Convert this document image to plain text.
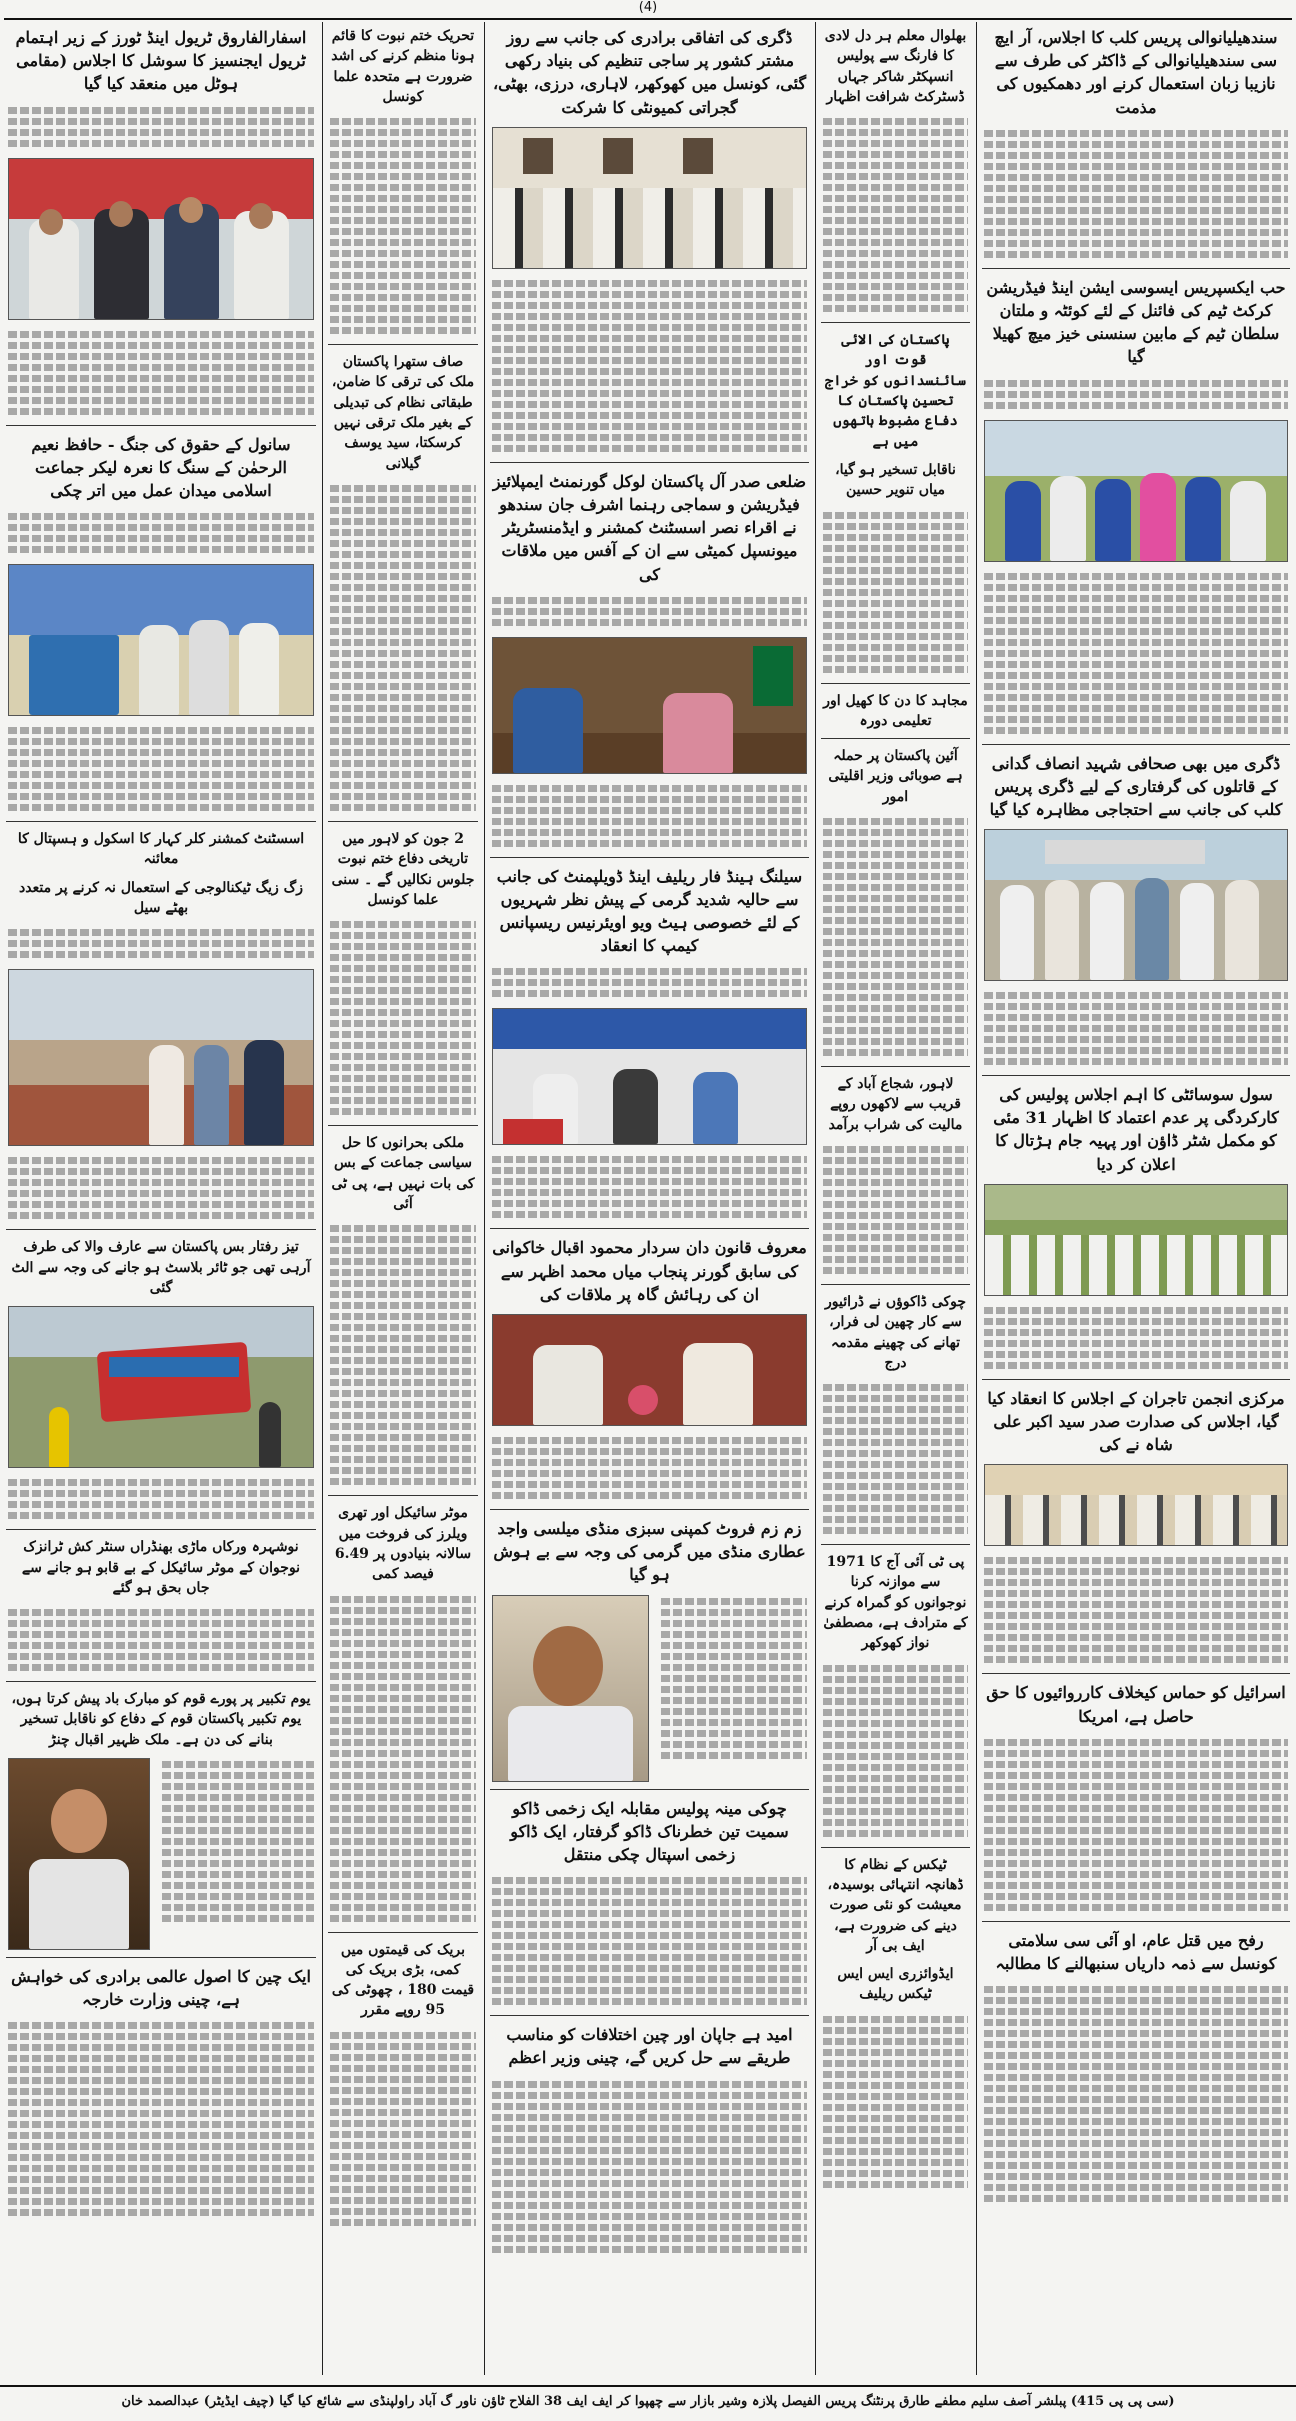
(4)
اسفارالفاروق ٹریول اینڈ ٹورز کے زیر اہتمام ٹریول ایجنسیز کا سوشل کا اجلاس (مقامی ہوٹل میں منعقد کیا گیا
سانول کے حقوق کی جنگ - حافظ نعیم الرحمٰن کے سنگ کا نعرہ لیکر جماعت اسلامی میدان عمل میں اتر چکی
اسسٹنٹ کمشنر کلر کہار کا اسکول و ہسپتال کا معائنہ
زگ زیگ ٹیکنالوجی کے استعمال نہ کرنے پر متعدد بھٹے سیل
تیز رفتار بس پاکستان سے عارف والا کی طرف آرہی تھی جو ٹائر بلاسٹ ہو جانے کی وجہ سے الٹ گئی
نوشہرہ ورکاں ماڑی بھنڈراں سنٹر کش ٹرانزک نوجوان کے موٹر سائیکل کے بے قابو ہو جانے سے جاں بحق ہو گئے
یوم تکبیر پر پورے قوم کو مبارک باد پیش کرتا ہوں، یوم تکبیر پاکستان قوم کے دفاع کو ناقابل تسخیر بنانے کی دن ہے۔ ملک ظہیر اقبال چنڑ
ایک چین کا اصول عالمی برادری کی خواہش ہے، چینی وزارت خارجہ
تحریک ختم نبوت کا قائم ہونا منظم کرنے کی اشد ضرورت ہے متحدہ علما کونسل
صاف ستھرا پاکستان ملک کی ترقی کا ضامن، طبقاتی نظام کی تبدیلی کے بغیر ملک ترقی نہیں کرسکتا، سید یوسف گیلانی
2 جون کو لاہور میں تاریخی دفاع ختم نبوت جلوس نکالیں گے ۔ سنی علما کونسل
ملکی بحرانوں کا حل سیاسی جماعت کے بس کی بات نہیں ہے، پی ٹی آئی
موٹر سائیکل اور تھری ویلرز کی فروخت میں سالانہ بنیادوں پر 6.49 فیصد کمی
بریک کی قیمتوں میں کمی، بڑی بریک کی قیمت 180 ، چھوٹی کی 95 روپے مقرر
ڈگری کی اتفاقی برادری کی جانب سے روز مشتر کشور پر ساجی تنظیم کی بنیاد رکھی گئی، کونسل میں کھوکھر، لاہاری، درزی، بھٹی، گجراتی کمیونٹی کا شرکت
ضلعی صدر آل پاکستان لوکل گورنمنٹ ایمپلائیز فیڈریشن و سماجی رہنما اشرف جان سندھو نے اقراء نصر اسسٹنٹ کمشنر و ایڈمنسٹریٹر میونسپل کمیٹی سے ان کے آفس میں ملاقات کی
سیلنگ ہینڈ فار ریلیف اینڈ ڈویلپمنٹ کی جانب سے حالیہ شدید گرمی کے پیش نظر شہریوں کے لئے خصوصی ہیٹ ویو اویئرنیس ریسپانس کیمپ کا انعقاد
معروف قانون دان سردار محمود اقبال خاکوانی کی سابق گورنر پنجاب میاں محمد اظہر سے ان کی رہائش گاہ پر ملاقات کی
زم زم فروٹ کمپنی سبزی منڈی میلسی واجد عطاری منڈی میں گرمی کی وجہ سے بے ہوش ہو گیا
چوکی مینہ پولیس مقابلہ ایک زخمی ڈاکو سمیت تین خطرناک ڈاکو گرفتار، ایک ڈاکو زخمی اسپتال چکی منتقل
امید ہے جاپان اور چین اختلافات کو مناسب طریقے سے حل کریں گے، چینی وزیر اعظم
بھلوال معلم ہر دل لادی کا فارنگ سے پولیس انسپکٹر شاکر جہاں ڈسٹرکٹ شرافت اظہار
پاکستان کی الائی قوت اور سائنسدانوں کو خراج تحسین پاکستان کا دفاع مضبوط ہاتھوں میں ہے
ناقابل تسخیر ہو گیا، میاں تنویر حسین
مجاہد کا دن کا کھیل اور تعلیمی دورہ
آئین پاکستان پر حملہ ہے صوبائی وزیر اقلیتی امور
لاہور، شجاع آباد کے قریب سے لاکھوں روپے مالیت کی شراب برآمد
چوکی ڈاکوؤں نے ڈرائیور سے کار چھین لی فرار، تھانے کی چھینے مقدمہ درج
پی ٹی آئی آج کا 1971 سے موازنہ کرنا نوجوانوں کو گمراہ کرنے کے مترادف ہے، مصطفیٰ نواز کھوکھر
ٹیکس کے نظام کا ڈھانچہ انتہائی بوسیدہ، معیشت کو نئی صورت دینے کی ضرورت ہے، ایف بی آر
ایڈوائزری ایس ایس ٹیکس ریلیف
سندھیلیانوالی پریس کلب کا اجلاس، آر ایچ سی سندھیلیانوالی کے ڈاکٹر کی طرف سے نازیبا زبان استعمال کرنے اور دھمکیوں کی مذمت
حب ایکسپریس ایسوسی ایشن اینڈ فیڈریشن کرکٹ ٹیم کی فائنل کے لئے کوئٹہ و ملتان سلطان ٹیم کے مابین سنسنی خیز میچ کھیلا گیا
ڈگری میں بھی صحافی شہید انصاف گدانی کے قاتلوں کی گرفتاری کے لیے ڈگری پریس کلب کی جانب سے احتجاجی مظاہرہ کیا گیا
سول سوسائٹی کا اہم اجلاس پولیس کی کارکردگی پر عدم اعتماد کا اظہار 31 مئی کو مکمل شٹر ڈاؤن اور پہیہ جام ہڑتال کا اعلان کر دیا
مرکزی انجمن تاجران کے اجلاس کا انعقاد کیا گیا، اجلاس کی صدارت صدر سید اکبر علی شاہ نے کی
اسرائیل کو حماس کیخلاف کارروائیوں کا حق حاصل ہے، امریکا
رفح میں قتل عام، او آئی سی سلامتی کونسل سے ذمہ داریاں سنبھالنے کا مطالبہ
(سی پی پی 415) پبلشر آصف سلیم مطفے طارق پرنٹنگ پریس الفیصل پلازہ وشیر بازار سے چھپوا کر ایف ایف 38 الفلاح ٹاؤن ناور گ آباد راولپنڈی سے شائع کیا گیا (چیف ایڈیٹر) عبدالصمد خان
